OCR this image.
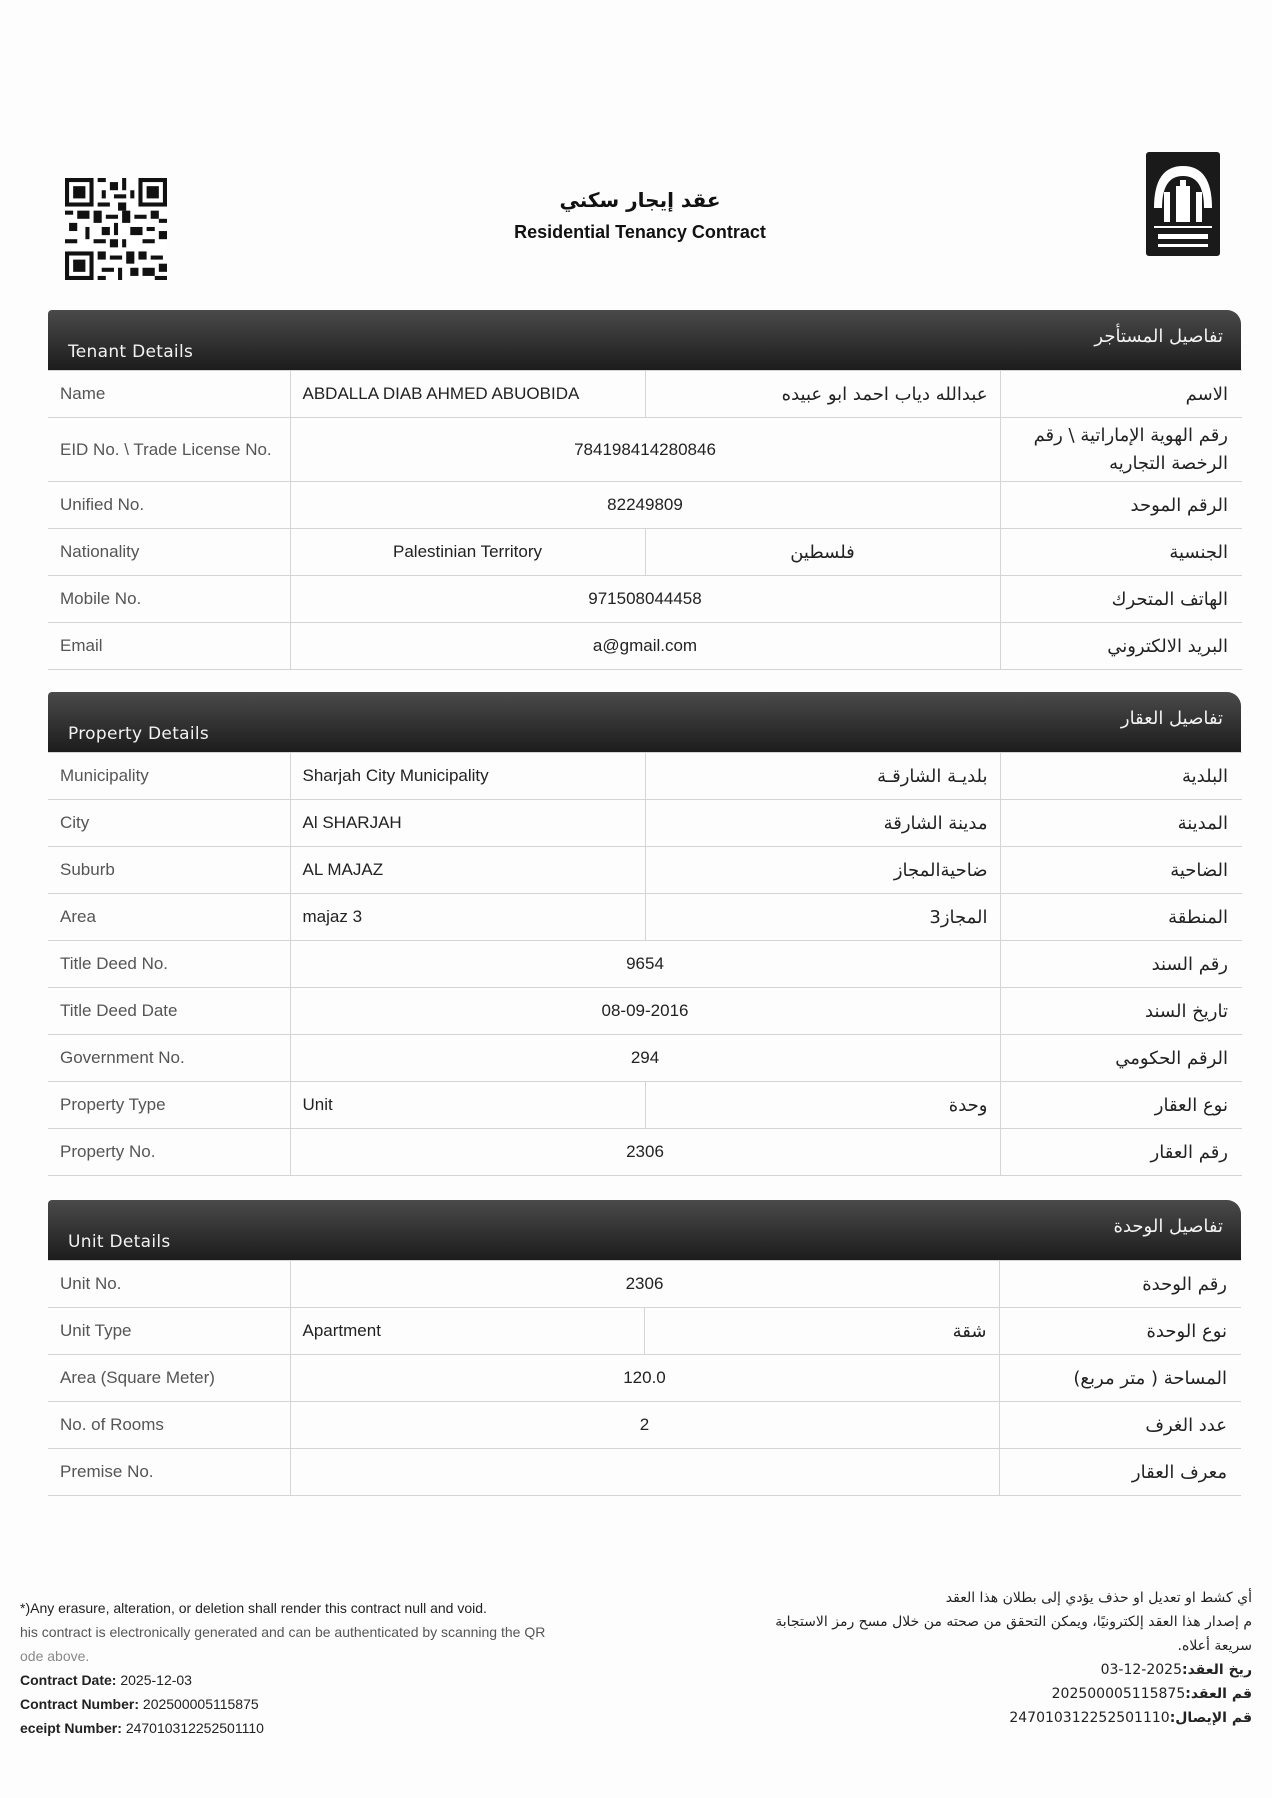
عقد إيجار سكني
Residential Tenancy Contract
Tenant Details
تفاصيل المستأجر
Name	ABDALLA DIAB AHMED ABUOBIDA	عبدالله دياب احمد ابو عبيده	الاسم
EID No. \ Trade License No.	784198414280846		رقم الهوية الإماراتية \ رقم الرخصة التجاريه
Unified No.	82249809		الرقم الموحد
Nationality	Palestinian Territory	فلسطين	الجنسية
Mobile No.	971508044458		الهاتف المتحرك
Email	a@gmail.com		البريد الالكتروني
Property Details
تفاصيل العقار
Municipality	Sharjah City Municipality	بلديـة الشارقـة	البلدية
City	Al SHARJAH	مدينة الشارقة	المدينة
Suburb	AL MAJAZ	ضاحيةالمجاز	الضاحية
Area	majaz 3	المجاز3	المنطقة
Title Deed No.	9654		رقم السند
Title Deed Date	08-09-2016		تاريخ السند
Government No.	294		الرقم الحكومي
Property Type	Unit	وحدة	نوع العقار
Property No.	2306		رقم العقار
Unit Details
تفاصيل الوحدة
Unit No.	2306		رقم الوحدة
Unit Type	Apartment	شقة	نوع الوحدة
Area (Square Meter)	120.0		المساحة ( متر مربع)
No. of Rooms	2		عدد الغرف
Premise No.			معرف العقار
*)Any erasure, alteration, or deletion shall render this contract null and void.
his contract is electronically generated and can be authenticated by scanning the QR
ode above.
Contract Date: 2025-12-03
Contract Number: 202500005115875
eceipt Number: 247010312252501110
أي كشط او تعديل او حذف يؤدي إلى بطلان هذا العقد
م إصدار هذا العقد إلكترونيًا، ويمكن التحقق من صحته من خلال مسح رمز الاستجابة
سريعة أعلاه.
ريخ العقد:2025-12-03
قم العقد:202500005115875
قم الإيصال:247010312252501110
